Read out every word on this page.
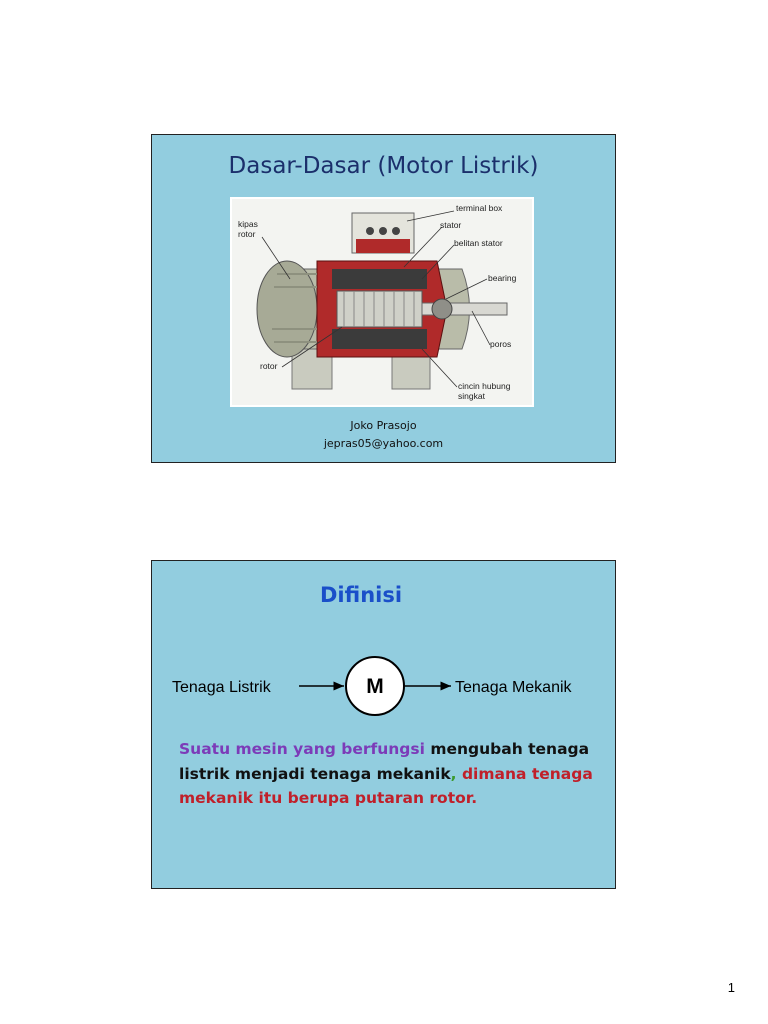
Dasar-Dasar (Motor Listrik)
kipas
rotor
terminal box
stator
belitan stator
bearing
poros
rotor
cincin hubung
singkat
Joko Prasojo
jepras05@yahoo.com
Difinisi
Tenaga Listrik	M	Tenaga Mekanik
Suatu mesin yang berfungsi mengubah tenaga listrik menjadi tenaga mekanik, dimana tenaga mekanik itu berupa putaran rotor.
1
